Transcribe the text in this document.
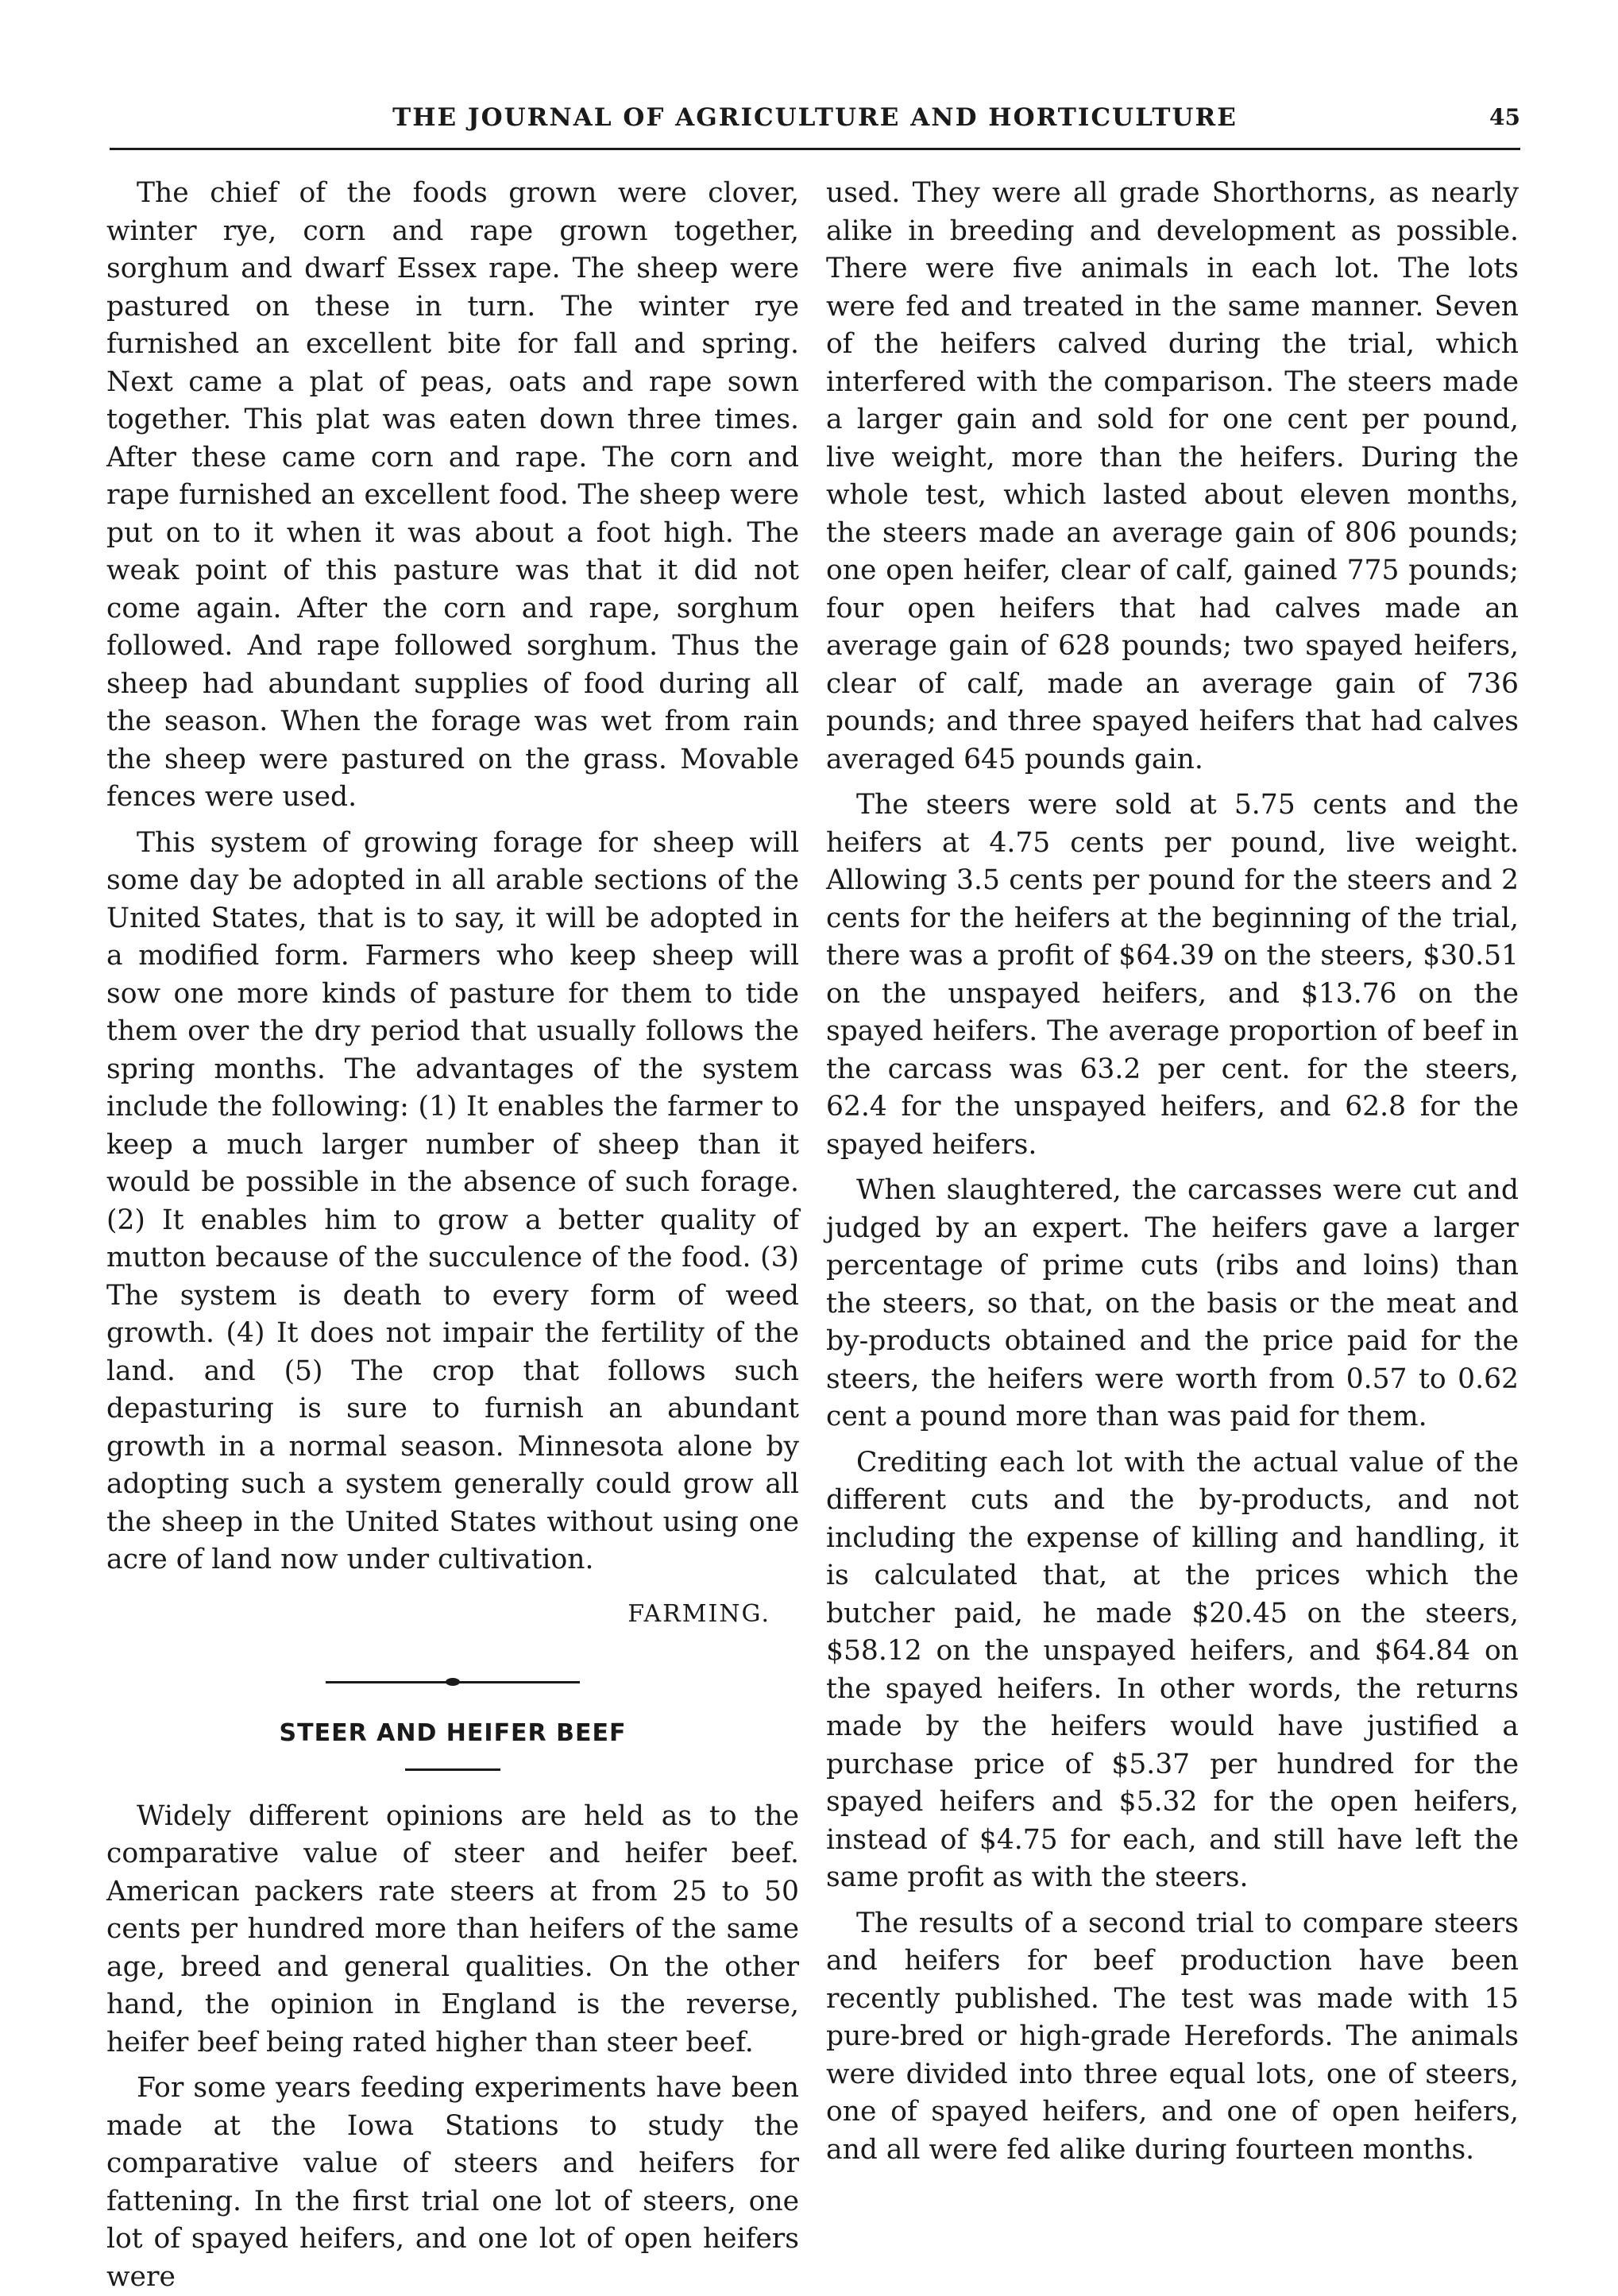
THE JOURNAL OF AGRICULTURE AND HORTICULTURE	45

The chief of the foods grown were clover, winter rye, corn and rape grown together, sorghum and dwarf Essex rape. The sheep were pastured on these in turn. The winter rye furnished an excellent bite for fall and spring. Next came a plat of peas, oats and rape sown together. This plat was eaten down three times. After these came corn and rape. The corn and rape furnished an excellent food. The sheep were put on to it when it was about a foot high. The weak point of this pasture was that it did not come again. After the corn and rape, sorghum followed. And rape followed sorghum. Thus the sheep had abundant supplies of food during all the season. When the forage was wet from rain the sheep were pastured on the grass. Movable fences were used.

This system of growing forage for sheep will some day be adopted in all arable sections of the United States, that is to say, it will be adopted in a modified form. Farmers who keep sheep will sow one more kinds of pasture for them to tide them over the dry period that usually follows the spring months. The advantages of the system include the following: (1) It enables the farmer to keep a much larger number of sheep than it would be possible in the absence of such forage. (2) It enables him to grow a better quality of mutton because of the succulence of the food. (3) The system is death to every form of weed growth. (4) It does not impair the fertility of the land. and (5) The crop that follows such depasturing is sure to furnish an abundant growth in a normal season. Minnesota alone by adopting such a system generally could grow all the sheep in the United States without using one acre of land now under cultivation.

FARMING.
STEER AND HEIFER BEEF

Widely different opinions are held as to the comparative value of steer and heifer beef. American packers rate steers at from 25 to 50 cents per hundred more than heifers of the same age, breed and general qualities. On the other hand, the opinion in England is the reverse, heifer beef being rated higher than steer beef.

For some years feeding experiments have been made at the Iowa Stations to study the comparative value of steers and heifers for fattening. In the first trial one lot of steers, one lot of spayed heifers, and one lot of open heifers were

used. They were all grade Shorthorns, as nearly alike in breeding and development as possible. There were five animals in each lot. The lots were fed and treated in the same manner. Seven of the heifers calved during the trial, which interfered with the comparison. The steers made a larger gain and sold for one cent per pound, live weight, more than the heifers. During the whole test, which lasted about eleven months, the steers made an average gain of 806 pounds; one open heifer, clear of calf, gained 775 pounds; four open heifers that had calves made an average gain of 628 pounds; two spayed heifers, clear of calf, made an average gain of 736 pounds; and three spayed heifers that had calves averaged 645 pounds gain.

The steers were sold at 5.75 cents and the heifers at 4.75 cents per pound, live weight. Allowing 3.5 cents per pound for the steers and 2 cents for the heifers at the beginning of the trial, there was a profit of $64.39 on the steers, $30.51 on the unspayed heifers, and $13.76 on the spayed heifers. The average proportion of beef in the carcass was 63.2 per cent. for the steers, 62.4 for the unspayed heifers, and 62.8 for the spayed heifers.

When slaughtered, the carcasses were cut and judged by an expert. The heifers gave a larger percentage of prime cuts (ribs and loins) than the steers, so that, on the basis or the meat and by-products obtained and the price paid for the steers, the heifers were worth from 0.57 to 0.62 cent a pound more than was paid for them.

Crediting each lot with the actual value of the different cuts and the by-products, and not including the expense of killing and handling, it is calculated that, at the prices which the butcher paid, he made $20.45 on the steers, $58.12 on the unspayed heifers, and $64.84 on the spayed heifers. In other words, the returns made by the heifers would have justified a purchase price of $5.37 per hundred for the spayed heifers and $5.32 for the open heifers, instead of $4.75 for each, and still have left the same profit as with the steers.

The results of a second trial to compare steers and heifers for beef production have been recently published. The test was made with 15 pure-bred or high-grade Herefords. The animals were divided into three equal lots, one of steers, one of spayed heifers, and one of open heifers, and all were fed alike during fourteen months.
